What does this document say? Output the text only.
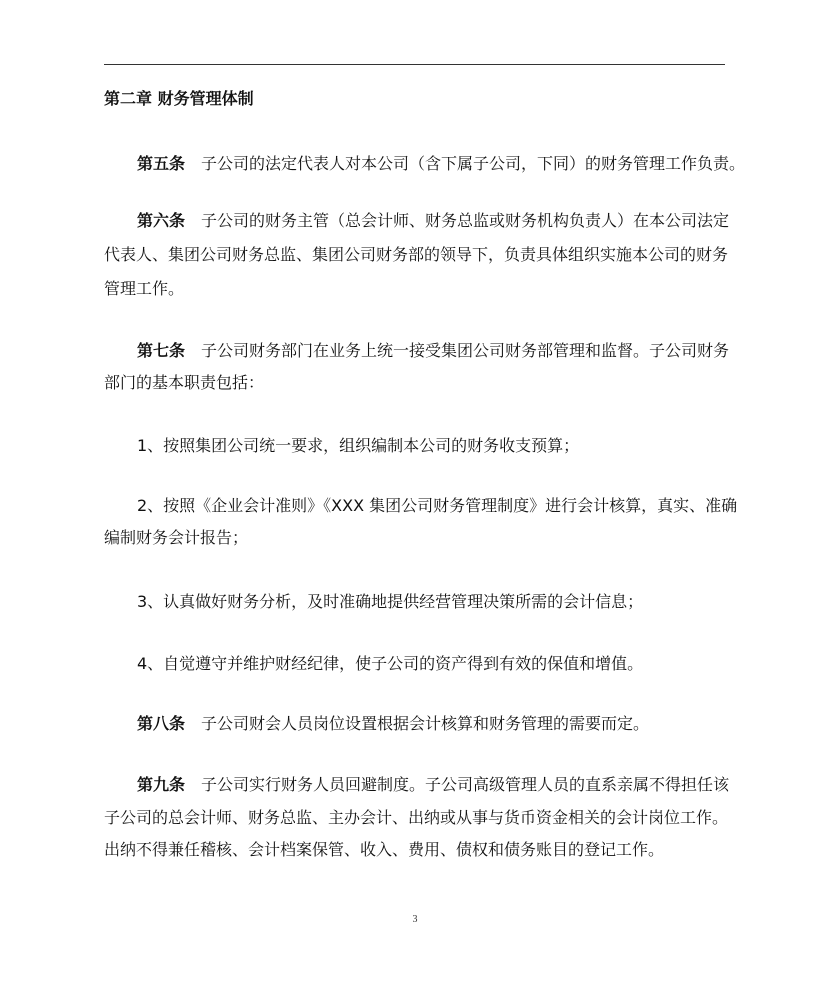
第二章 财务管理体制
第五条 子公司的法定代表人对本公司（含下属子公司，下同）的财务管理工作负责。
第六条 子公司的财务主管（总会计师、财务总监或财务机构负责人）在本公司法定
代表人、集团公司财务总监、集团公司财务部的领导下，负责具体组织实施本公司的财务
管理工作。
第七条 子公司财务部门在业务上统一接受集团公司财务部管理和监督。子公司财务
部门的基本职责包括：
1、按照集团公司统一要求，组织编制本公司的财务收支预算；
2、按照《企业会计准则》《XXX 集团公司财务管理制度》进行会计核算，真实、准确
编制财务会计报告；
3、认真做好财务分析，及时准确地提供经营管理决策所需的会计信息；
4、自觉遵守并维护财经纪律，使子公司的资产得到有效的保值和增值。
第八条 子公司财会人员岗位设置根据会计核算和财务管理的需要而定。
第九条 子公司实行财务人员回避制度。子公司高级管理人员的直系亲属不得担任该
子公司的总会计师、财务总监、主办会计、出纳或从事与货币资金相关的会计岗位工作。
出纳不得兼任稽核、会计档案保管、收入、费用、债权和债务账目的登记工作。
3
